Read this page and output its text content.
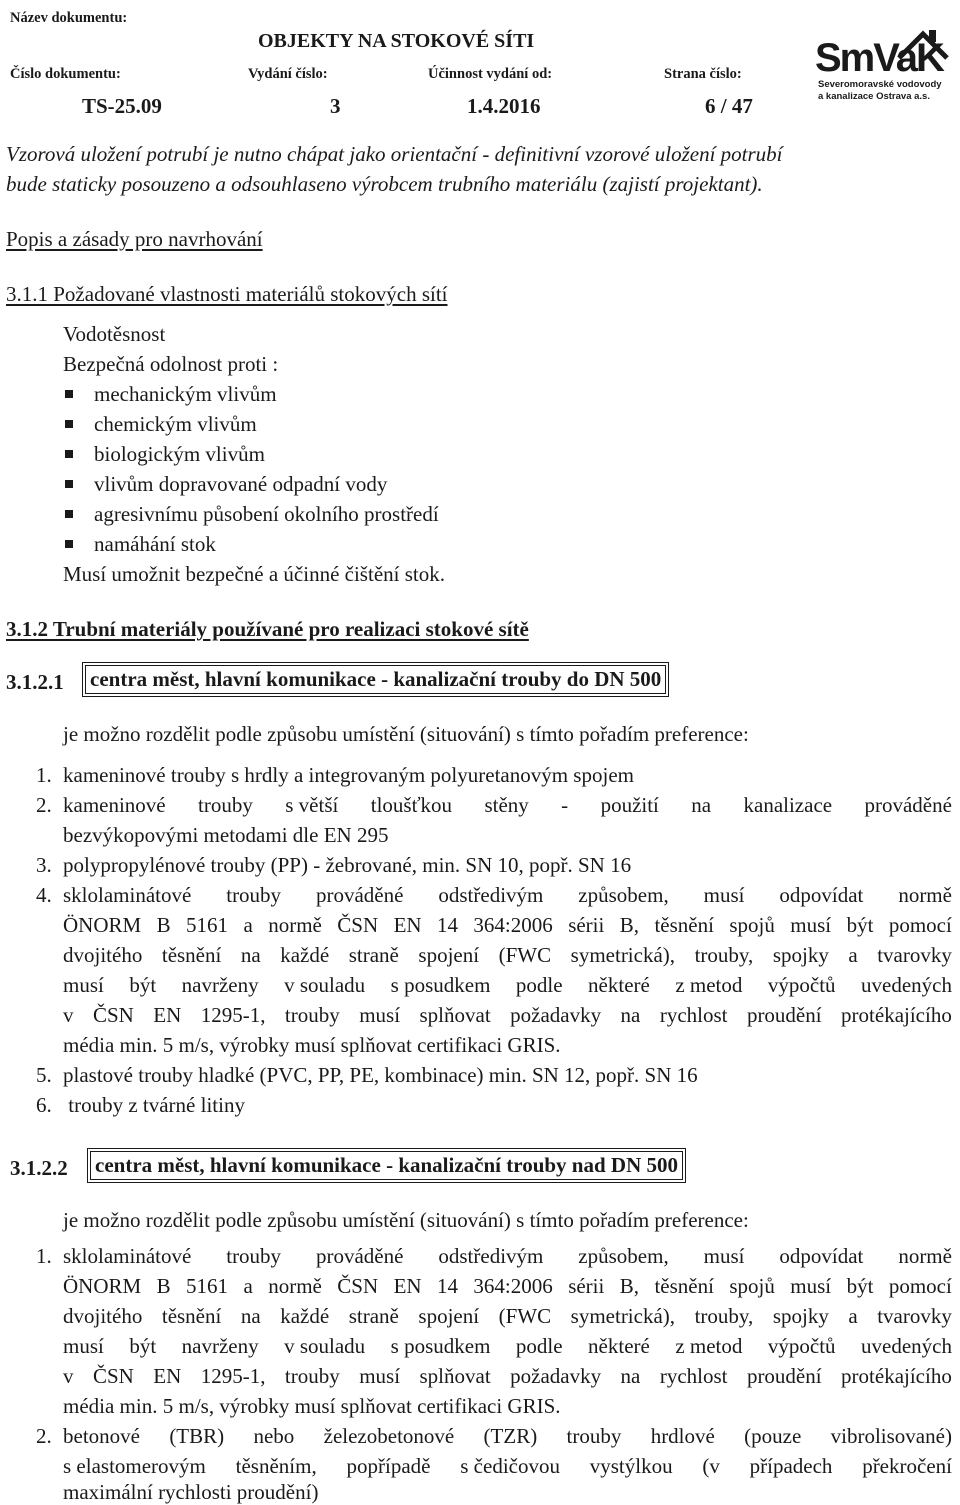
Název dokumentu:
OBJEKTY NA STOKOVÉ SÍTI
Číslo dokumentu:	Vydání číslo:	Účinnost vydání od:	Strana číslo:
TS-25.09	3	1.4.2016	6 / 47
SmVaK
Severomoravské vodovody
a kanalizace Ostrava a.s.
Vzorová uložení potrubí je nutno chápat jako orientační - definitivní vzorové uložení potrubí
bude staticky posouzeno a odsouhlaseno výrobcem trubního materiálu (zajistí projektant).
Popis a zásady pro navrhování
3.1.1 Požadované vlastnosti materiálů stokových sítí
Vodotěsnost
Bezpečná odolnost proti :
mechanickým vlivům
chemickým vlivům
biologickým vlivům
vlivům dopravované odpadní vody
agresivnímu působení okolního prostředí
namáhání stok
Musí umožnit bezpečné a účinné čištění stok.
3.1.2 Trubní materiály používané pro realizaci stokové sítě
3.1.2.1 centra měst, hlavní komunikace - kanalizační trouby do DN 500
je možno rozdělit podle způsobu umístění (situování) s tímto pořadím preference:
1. kameninové trouby s hrdly a integrovaným polyuretanovým spojem
2. kameninové trouby s větší tloušťkou stěny - použití na kanalizace prováděné
bezvýkopovými metodami dle EN 295
3. polypropylénové trouby (PP) - žebrované, min. SN 10, popř. SN 16
4. sklolaminátové trouby prováděné odstředivým způsobem, musí odpovídat normě
ÖNORM B 5161 a normě ČSN EN 14 364:2006 sérii B, těsnění spojů musí být pomocí
dvojitého těsnění na každé straně spojení (FWC symetrická), trouby, spojky a tvarovky
musí být navrženy v souladu s posudkem podle některé z metod výpočtů uvedených
v ČSN EN 1295-1, trouby musí splňovat požadavky na rychlost proudění protékajícího
média min. 5 m/s, výrobky musí splňovat certifikaci GRIS.
5. plastové trouby hladké (PVC, PP, PE, kombinace) min. SN 12, popř. SN 16
6. trouby z tvárné litiny
3.1.2.2 centra měst, hlavní komunikace - kanalizační trouby nad DN 500
je možno rozdělit podle způsobu umístění (situování) s tímto pořadím preference:
1. sklolaminátové trouby prováděné odstředivým způsobem, musí odpovídat normě
ÖNORM B 5161 a normě ČSN EN 14 364:2006 sérii B, těsnění spojů musí být pomocí
dvojitého těsnění na každé straně spojení (FWC symetrická), trouby, spojky a tvarovky
musí být navrženy v souladu s posudkem podle některé z metod výpočtů uvedených
v ČSN EN 1295-1, trouby musí splňovat požadavky na rychlost proudění protékajícího
média min. 5 m/s, výrobky musí splňovat certifikaci GRIS.
2. betonové (TBR) nebo železobetonové (TZR) trouby hrdlové (pouze vibrolisované)
s elastomerovým těsněním, popřípadě s čedičovou vystýlkou (v případech překročení
maximální rychlosti proudění)
